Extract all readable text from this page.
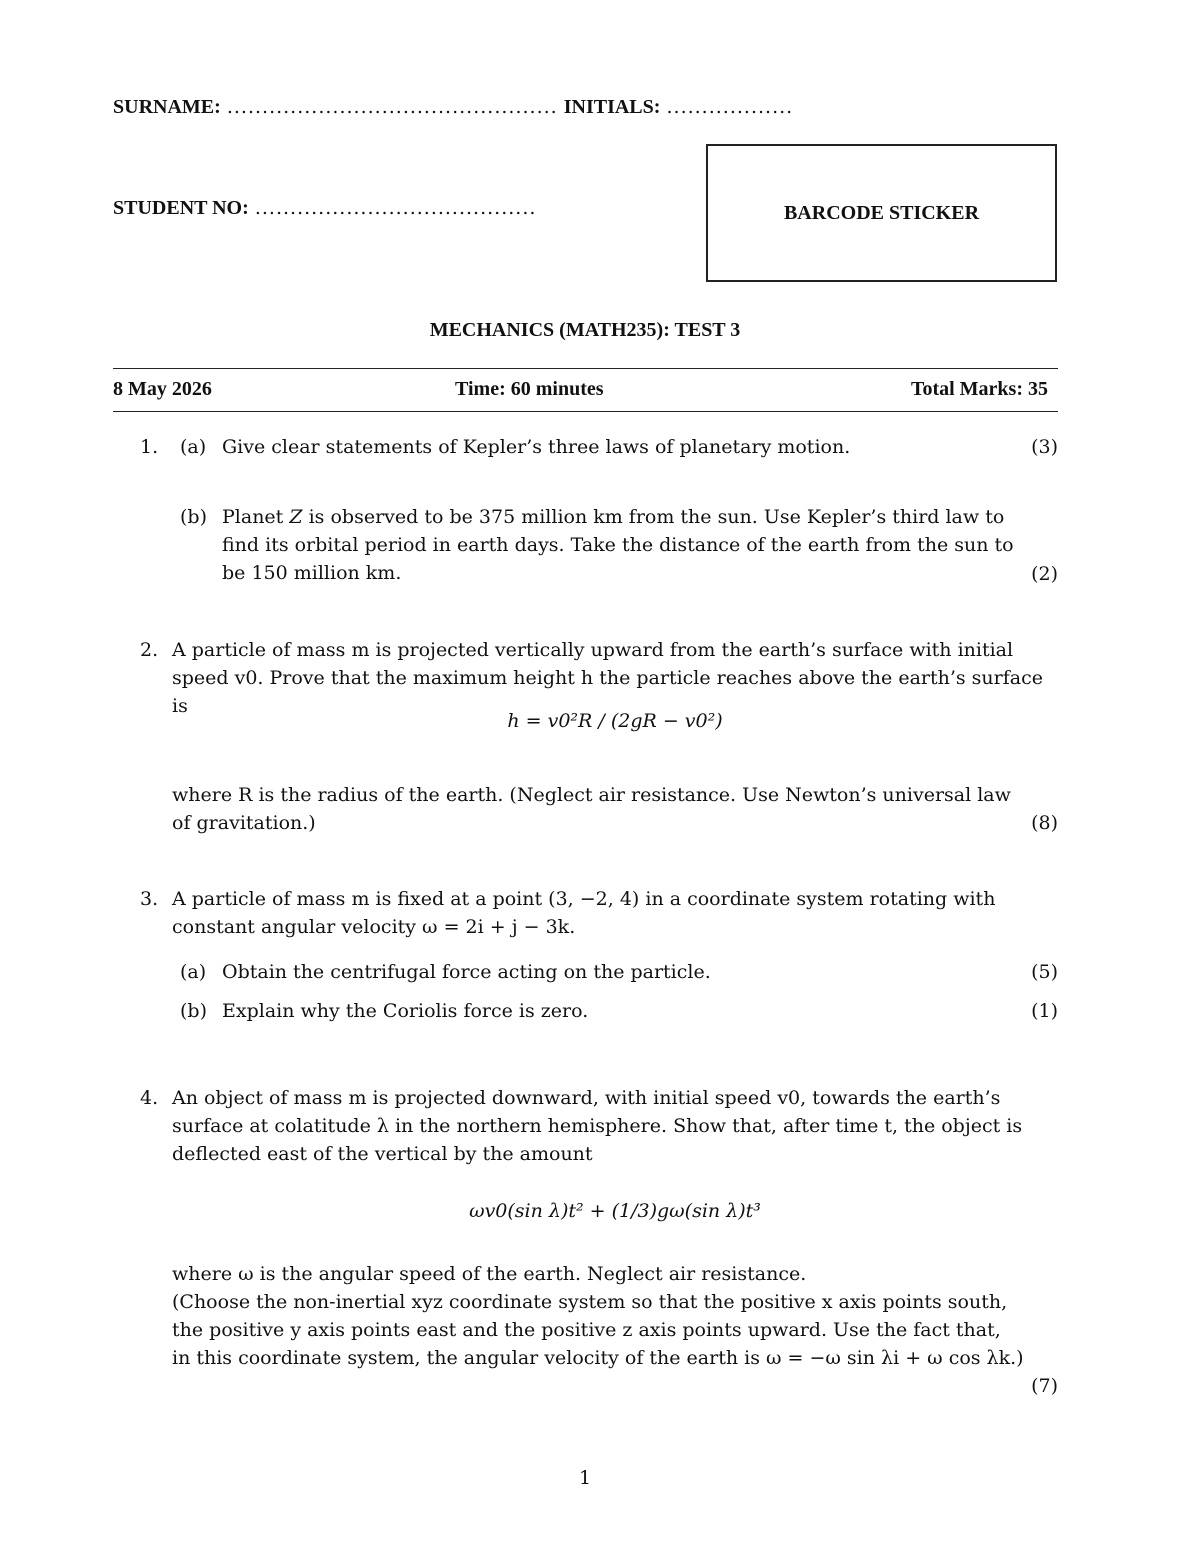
SURNAME: ............................................... INITIALS: ..................
STUDENT NO: ........................................	BARCODE STICKER
MECHANICS (MATH235): TEST 3
8 May 2026	Time: 60 minutes	Total Marks: 35
1. (a) Give clear statements of Kepler’s three laws of planetary motion.	(3)
(b) Planet Z is observed to be 375 million km from the sun. Use Kepler’s third law to
find its orbital period in earth days. Take the distance of the earth from the sun to
be 150 million km.	(2)
2. A particle of mass m is projected vertically upward from the earth’s surface with initial
speed v0. Prove that the maximum height h the particle reaches above the earth’s surface
is
h = v0²R / (2gR − v0²)
where R is the radius of the earth. (Neglect air resistance. Use Newton’s universal law
of gravitation.)	(8)
3. A particle of mass m is fixed at a point (3, −2, 4) in a coordinate system rotating with
constant angular velocity ω = 2i + j − 3k.
(a) Obtain the centrifugal force acting on the particle.	(5)
(b) Explain why the Coriolis force is zero.	(1)
4. An object of mass m is projected downward, with initial speed v0, towards the earth’s
surface at colatitude λ in the northern hemisphere. Show that, after time t, the object is
deflected east of the vertical by the amount
ωv0(sin λ)t² + (1/3)gω(sin λ)t³
where ω is the angular speed of the earth. Neglect air resistance.
(Choose the non-inertial xyz coordinate system so that the positive x axis points south,
the positive y axis points east and the positive z axis points upward. Use the fact that,
in this coordinate system, the angular velocity of the earth is ω = −ω sin λi + ω cos λk.)
(7)
1
